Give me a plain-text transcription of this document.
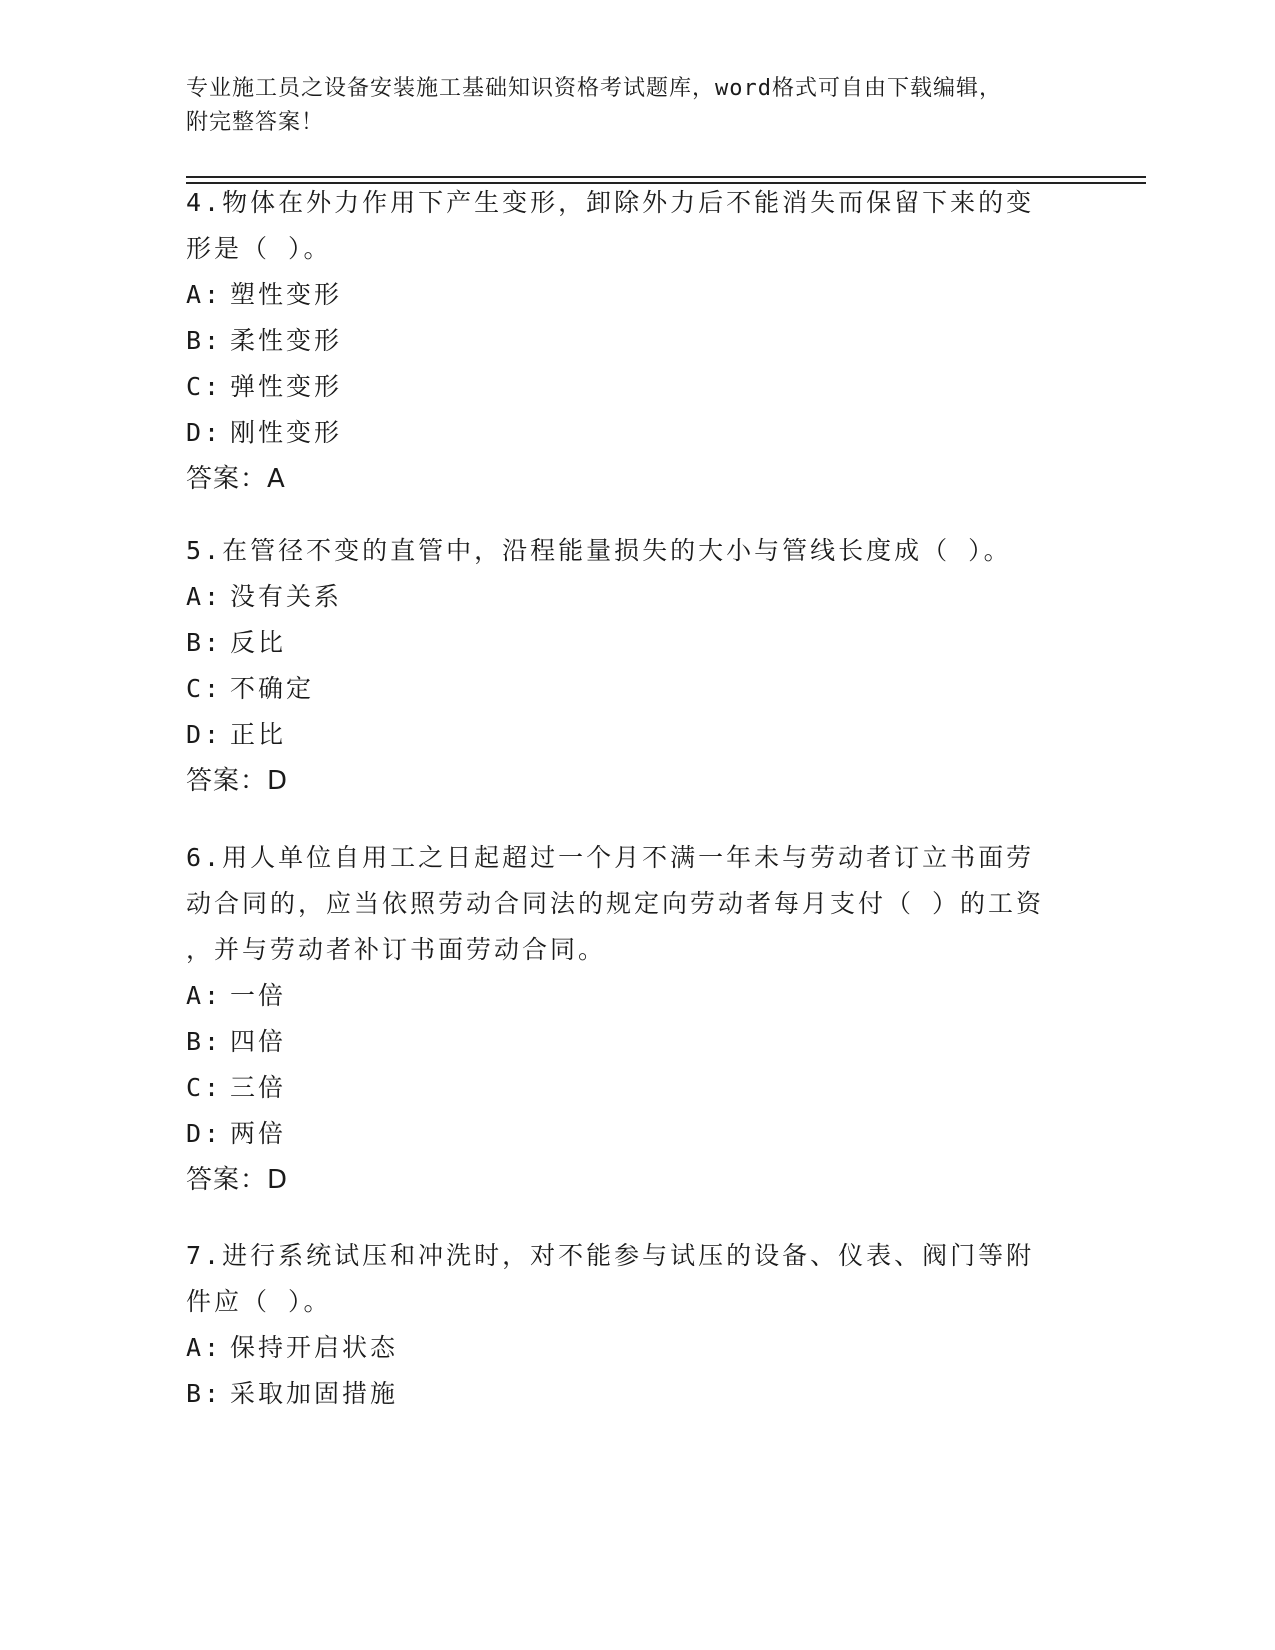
专业施工员之设备安装施工基础知识资格考试题库，word格式可自由下载编辑，
附完整答案！
4.物体在外力作用下产生变形，卸除外力后不能消失而保留下来的变
形是（ ）。
A: 塑性变形
B: 柔性变形
C: 弹性变形
D: 刚性变形
答案：A
5.在管径不变的直管中，沿程能量损失的大小与管线长度成（ ）。
A: 没有关系
B: 反比
C: 不确定
D: 正比
答案：D
6.用人单位自用工之日起超过一个月不满一年未与劳动者订立书面劳
动合同的，应当依照劳动合同法的规定向劳动者每月支付（ ）的工资
，并与劳动者补订书面劳动合同。
A: 一倍
B: 四倍
C: 三倍
D: 两倍
答案：D
7.进行系统试压和冲洗时，对不能参与试压的设备、仪表、阀门等附
件应（ ）。
A: 保持开启状态
B: 采取加固措施
